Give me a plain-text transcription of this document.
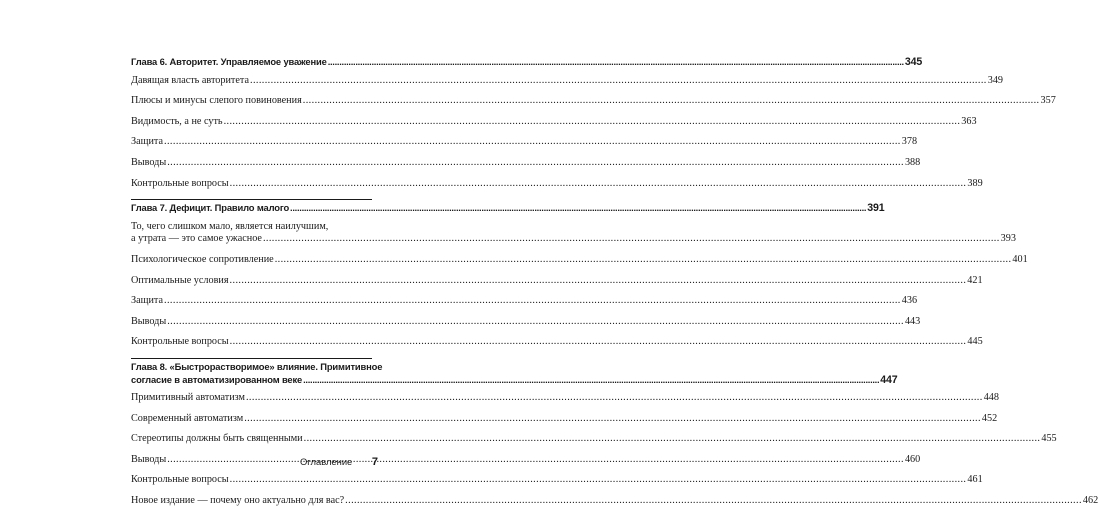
Глава 6. Авторитет. Управляемое уважение .....	345
Давящая власть авторитета .....	349
Плюсы и минусы слепого повиновения .....	357
Видимость, а не суть .....	363
Защита .....	378
Выводы .....	388
Контрольные вопросы .....	389
Глава 7. Дефицит. Правило малого .....	391
То, чего слишком мало, является наилучшим,
а утрата — это самое ужасное .....	393
Психологическое сопротивление .....	401
Оптимальные условия .....	421
Защита .....	436
Выводы .....	443
Контрольные вопросы .....	445
Глава 8. «Быстрорастворимое» влияние. Примитивное
согласие в автоматизированном веке .....	447
Примитивный автоматизм .....	448
Современный автоматизм .....	452
Стереотипы должны быть священными .....	455
Выводы .....	460
Контрольные вопросы .....	461
Новое издание — почему оно актуально для вас? .....	462
Оглавление 7
